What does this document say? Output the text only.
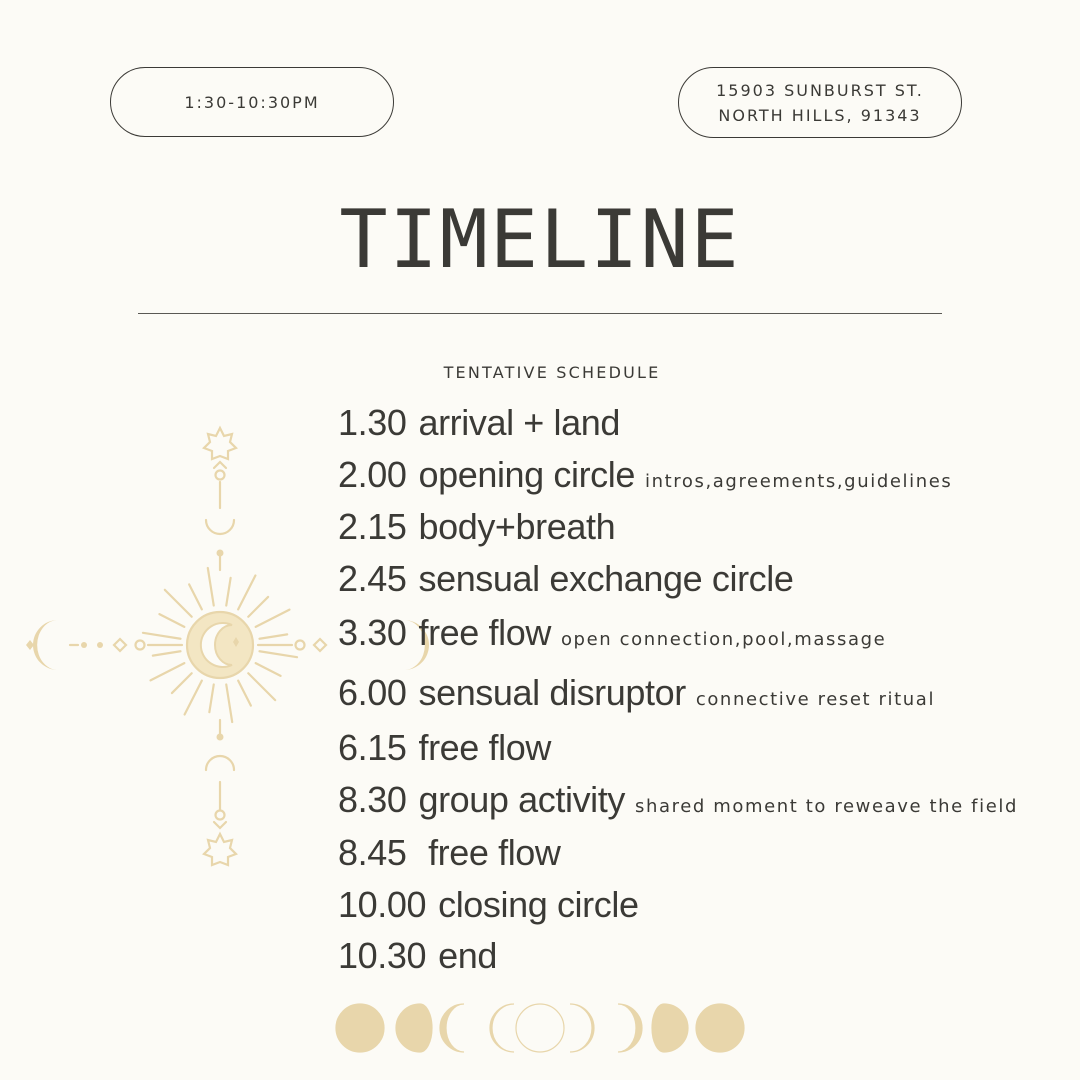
1:30-10:30PM
15903 SUNBURST ST.
NORTH HILLS, 91343
TIMELINE
TENTATIVE SCHEDULE
1.30 arrival + land
2.00 opening circle intros,agreements,guidelines
2.15 body+breath
2.45 sensual exchange circle
3.30 free flow open connection,pool,massage
6.00 sensual disruptor connective reset ritual
6.15 free flow
8.30 group activity shared moment to reweave the field
8.45 free flow
10.00 closing circle
10.30 end
